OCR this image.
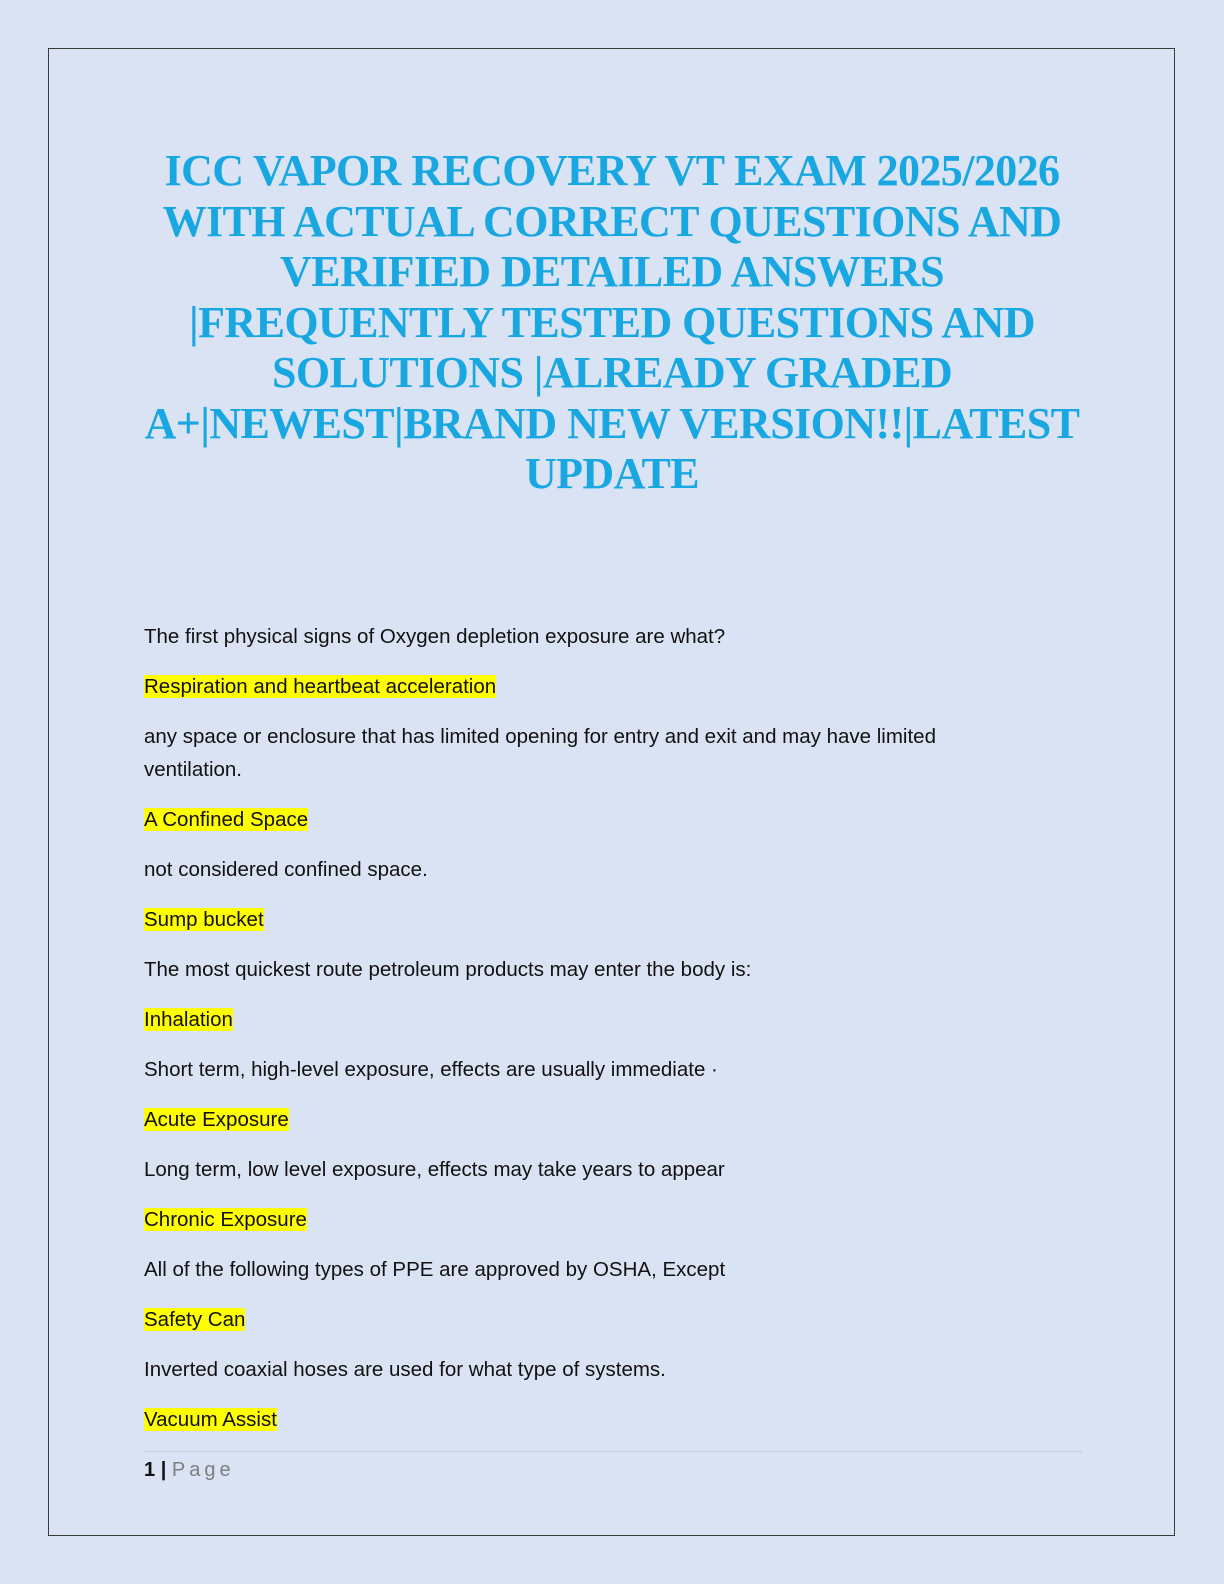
ICC VAPOR RECOVERY VT EXAM 2025/2026 WITH ACTUAL CORRECT QUESTIONS AND VERIFIED DETAILED ANSWERS |FREQUENTLY TESTED QUESTIONS AND SOLUTIONS |ALREADY GRADED A+|NEWEST|BRAND NEW VERSION!!|LATEST UPDATE

The first physical signs of Oxygen depletion exposure are what?

Respiration and heartbeat acceleration

any space or enclosure that has limited opening for entry and exit and may have limited ventilation.

A Confined Space

not considered confined space.

Sump bucket

The most quickest route petroleum products may enter the body is:

Inhalation

Short term, high-level exposure, effects are usually immediate ·

Acute Exposure

Long term, low level exposure, effects may take years to appear

Chronic Exposure

All of the following types of PPE are approved by OSHA, Except

Safety Can

Inverted coaxial hoses are used for what type of systems.

Vacuum Assist

1 | Page
